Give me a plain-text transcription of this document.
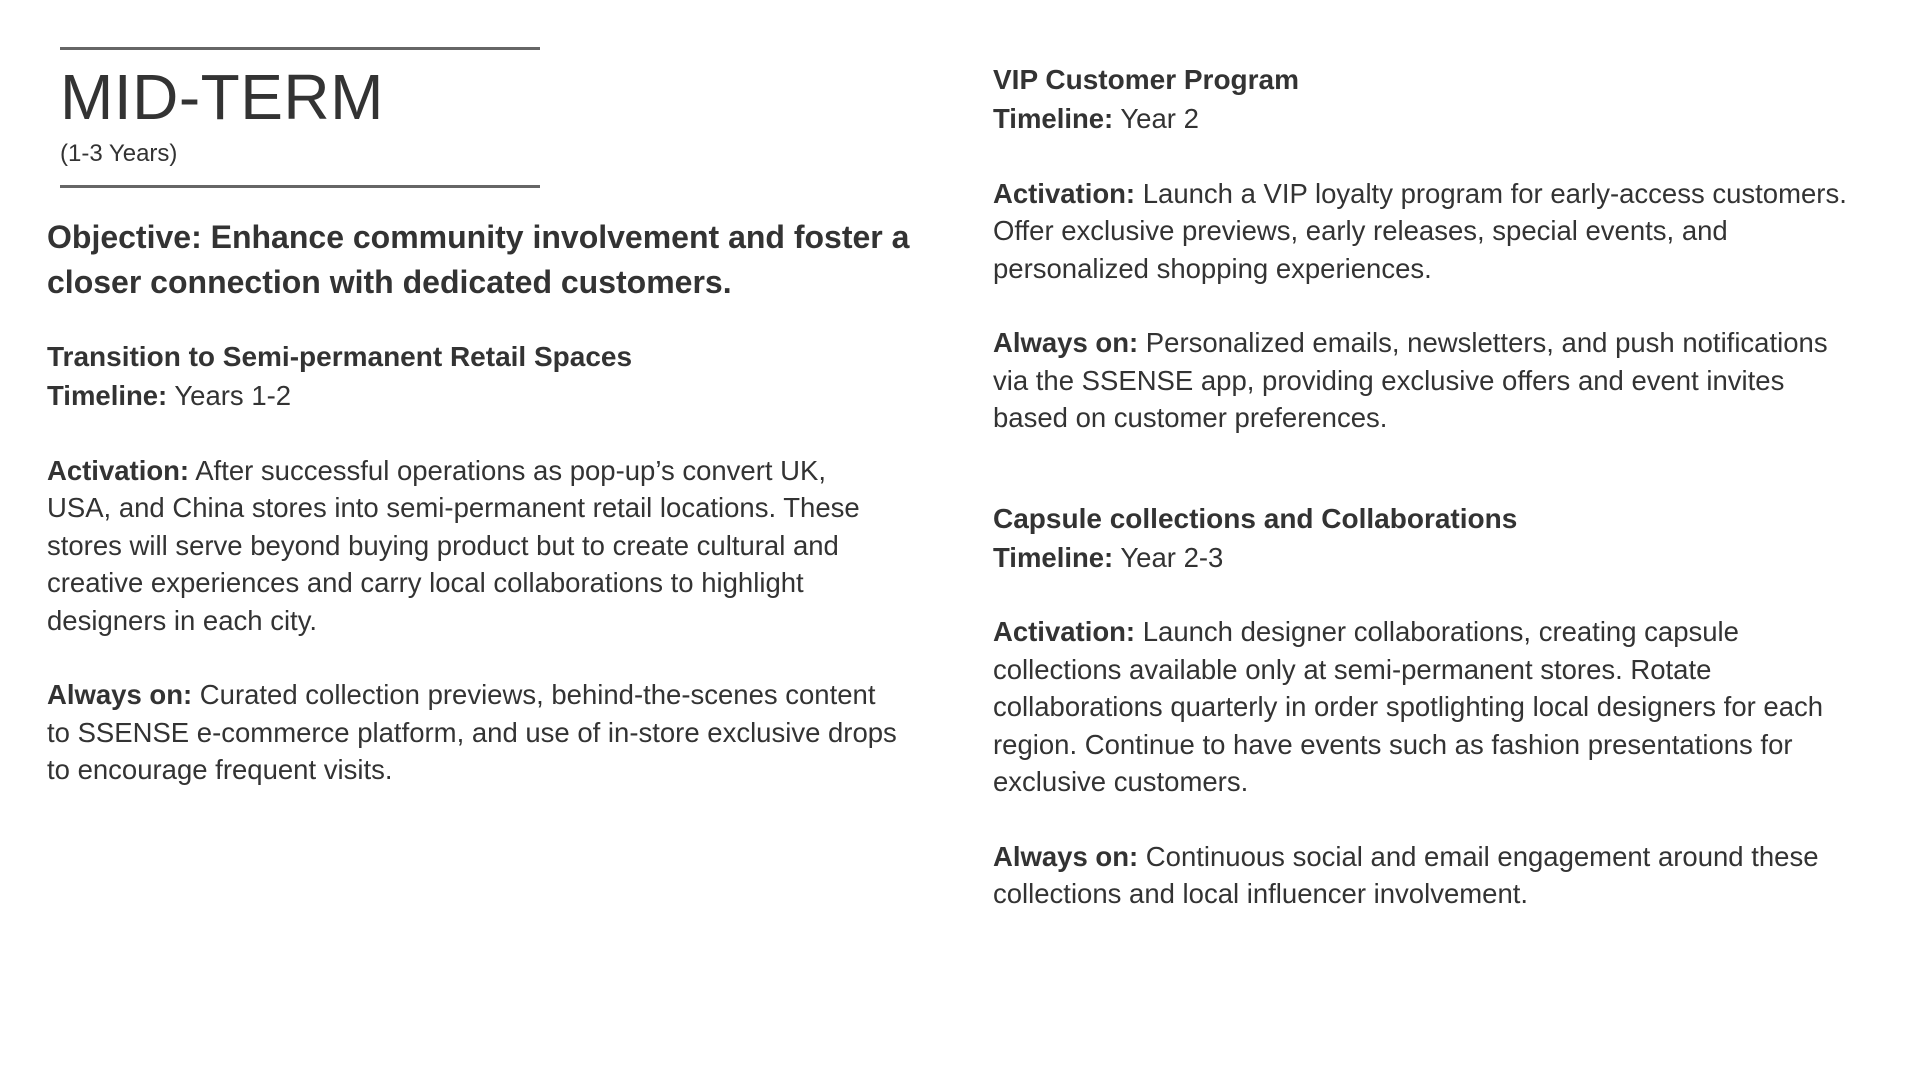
MID-TERM

(1-3 Years)

Objective: Enhance community involvement and foster a closer connection with dedicated customers.

Transition to Semi-permanent Retail Spaces

Timeline: Years 1-2

Activation: After successful operations as pop-up’s convert UK, USA, and China stores into semi-permanent retail locations. These stores will serve beyond buying product but to create cultural and creative experiences and carry local collaborations to highlight designers in each city.

Always on: Curated collection previews, behind-the-scenes content to SSENSE e-commerce platform, and use of in-store exclusive drops to encourage frequent visits.

VIP Customer Program

Timeline: Year 2

Activation: Launch a VIP loyalty program for early-access customers. Offer exclusive previews, early releases, special events, and personalized shopping experiences.

Always on: Personalized emails, newsletters, and push notifications via the SSENSE app, providing exclusive offers and event invites based on customer preferences.

Capsule collections and Collaborations

Timeline: Year 2-3

Activation: Launch designer collaborations, creating capsule collections available only at semi-permanent stores. Rotate collaborations quarterly in order spotlighting local designers for each region. Continue to have events such as fashion presentations for exclusive customers.

Always on: Continuous social and email engagement around these collections and local influencer involvement.
